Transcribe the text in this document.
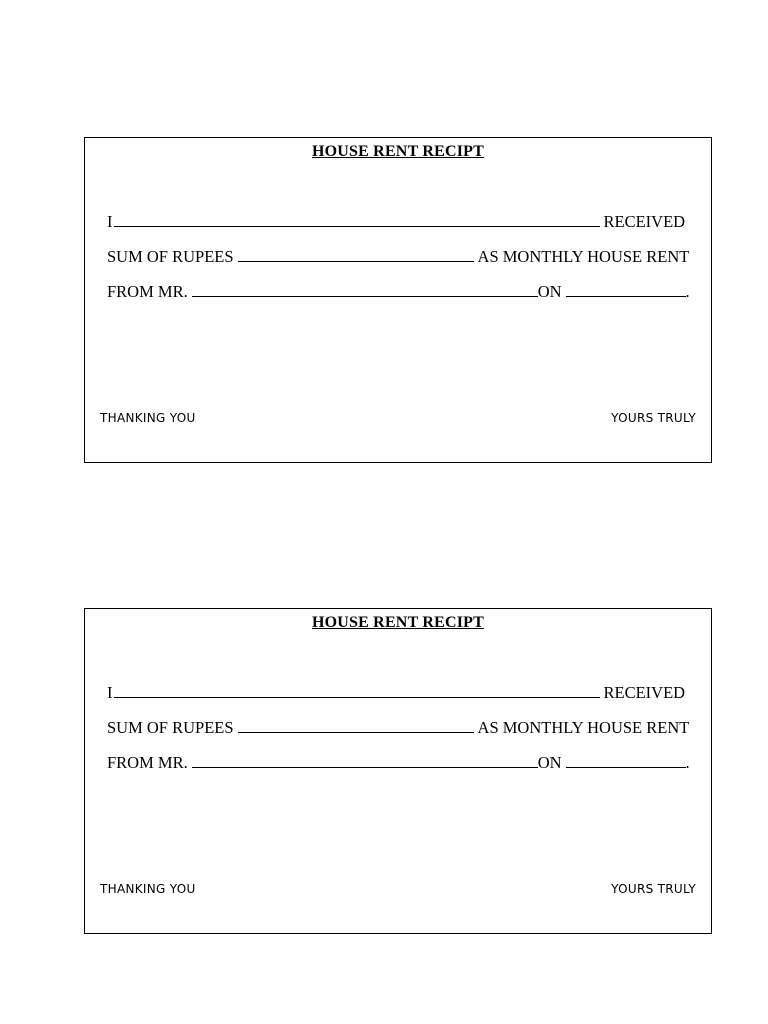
HOUSE RENT RECIPT
I	RECEIVED
SUM OF RUPEES	AS MONTHLY HOUSE RENT
FROM MR.	ON	.
THANKING YOU	YOURS TRULY
HOUSE RENT RECIPT
I	RECEIVED
SUM OF RUPEES	AS MONTHLY HOUSE RENT
FROM MR.	ON	.
THANKING YOU	YOURS TRULY
